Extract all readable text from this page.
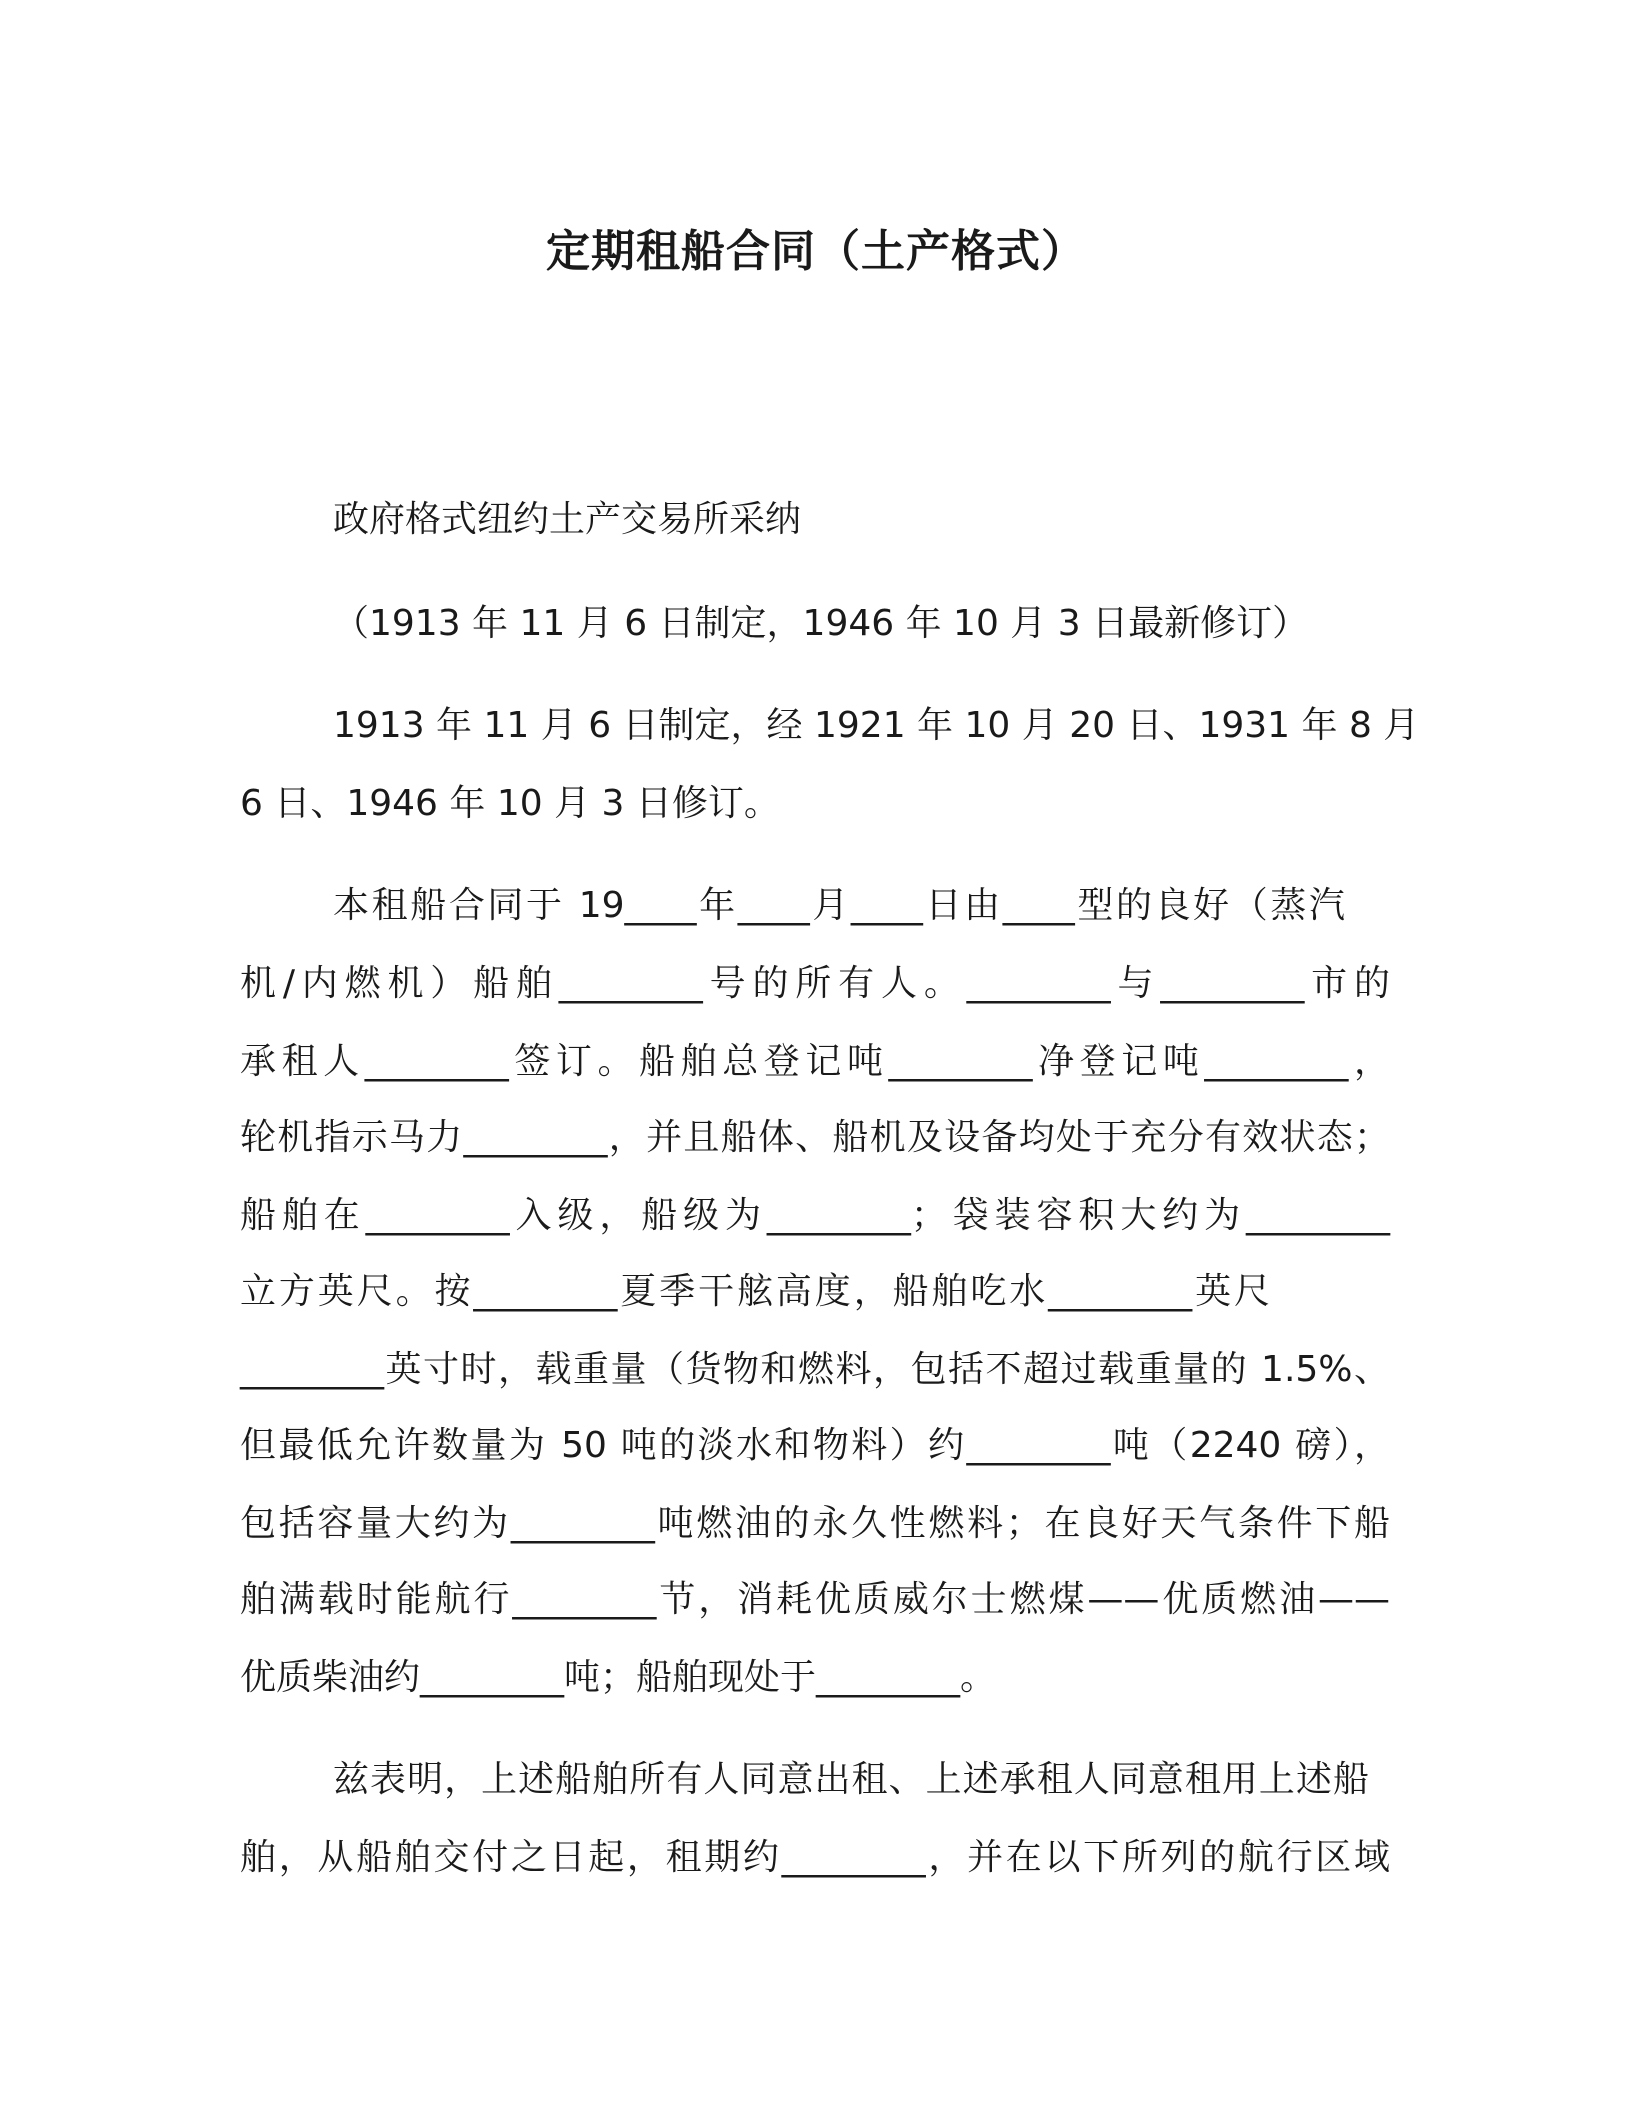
定期租船合同（土产格式）
政府格式纽约土产交易所采纳
（1913 年 11 月 6 日制定，1946 年 10 月 3 日最新修订）
1913 年 11 月 6 日制定，经 1921 年 10 月 20 日、1931 年 8 月
6 日、1946 年 10 月 3 日修订。
本租船合同于 19____年____月____日由____型的良好（蒸汽
机/内燃机）船舶________号的所有人。________与________市的
承租人________签订。船舶总登记吨________净登记吨________，
轮机指示马力________，并且船体、船机及设备均处于充分有效状态；
船舶在________入级，船级为________；袋装容积大约为________
立方英尺。按________夏季干舷高度，船舶吃水________英尺
________英寸时，载重量（货物和燃料，包括不超过载重量的 1.5%、
但最低允许数量为 50 吨的淡水和物料）约________吨（2240 磅），
包括容量大约为________吨燃油的永久性燃料；在良好天气条件下船
舶满载时能航行________节，消耗优质威尔士燃煤——优质燃油——
优质柴油约________吨；船舶现处于________。
兹表明，上述船舶所有人同意出租、上述承租人同意租用上述船
舶，从船舶交付之日起，租期约________，并在以下所列的航行区域
